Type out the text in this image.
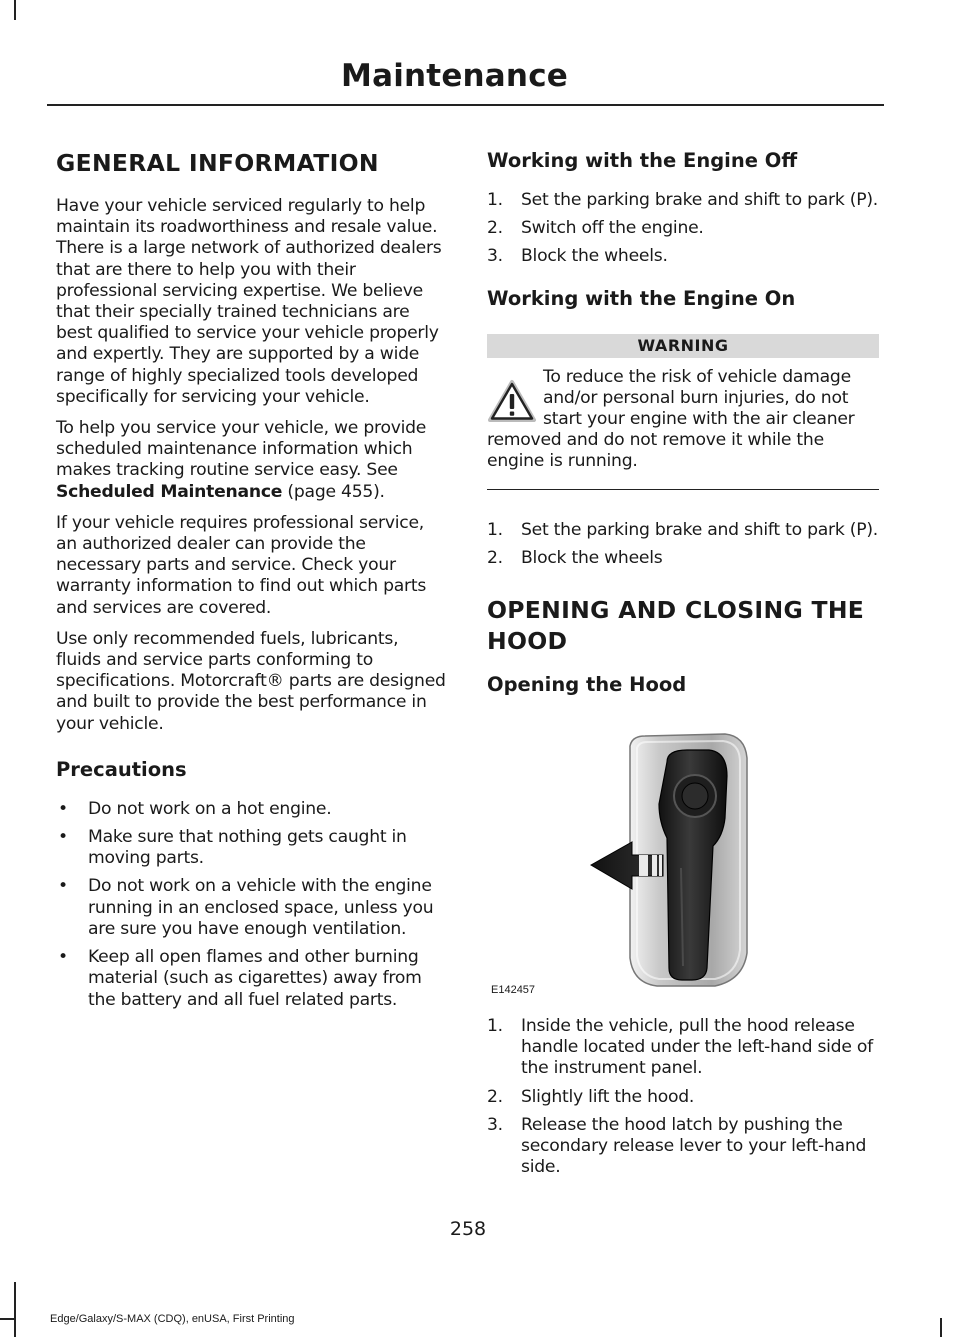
Maintenance
GENERAL INFORMATION

Have your vehicle serviced regularly to help maintain its roadworthiness and resale value. There is a large network of authorized dealers that are there to help you with their professional servicing expertise. We believe that their specially trained technicians are best qualified to service your vehicle properly and expertly. They are supported by a wide range of highly specialized tools developed specifically for servicing your vehicle.

To help you service your vehicle, we provide scheduled maintenance information which makes tracking routine service easy. See Scheduled Maintenance (page 455).

If your vehicle requires professional service, an authorized dealer can provide the necessary parts and service. Check your warranty information to find out which parts and services are covered.

Use only recommended fuels, lubricants, fluids and service parts conforming to specifications. Motorcraft® parts are designed and built to provide the best performance in your vehicle.

Precautions
• Do not work on a hot engine.
• Make sure that nothing gets caught in moving parts.
• Do not work on a vehicle with the engine running in an enclosed space, unless you are sure you have enough ventilation.
• Keep all open flames and other burning material (such as cigarettes) away from the battery and all fuel related parts.
Working with the Engine Off
1. Set the parking brake and shift to park (P).
2. Switch off the engine.
3. Block the wheels.
Working with the Engine On
WARNING

To reduce the risk of vehicle damage and/or personal burn injuries, do not start your engine with the air cleaner removed and do not remove it while the engine is running.

1. Set the parking brake and shift to park (P).
2. Block the wheels
OPENING AND CLOSING THE HOOD
Opening the Hood
E142457
1. Inside the vehicle, pull the hood release handle located under the left-hand side of the instrument panel.
2. Slightly lift the hood.
3. Release the hood latch by pushing the secondary release lever to your left-hand side.
258
Edge/Galaxy/S-MAX (CDQ), enUSA, First Printing
